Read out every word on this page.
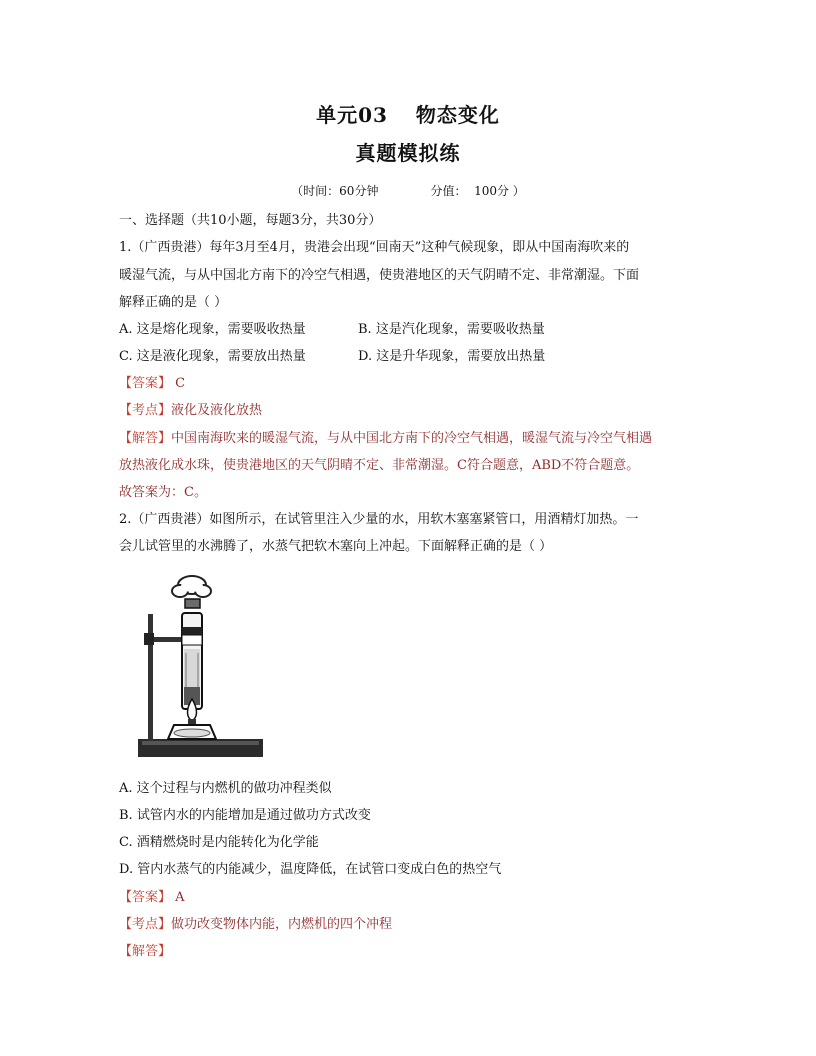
单元03 物态变化
真题模拟练
（时间：60分钟	分值：  100分 ）
一、选择题（共10小题，每题3分，共30分）
1.（广西贵港）每年3月至4月，贵港会出现“回南天”这种气候现象，即从中国南海吹来的
暖湿气流，与从中国北方南下的冷空气相遇，使贵港地区的天气阴晴不定、非常潮湿。下面
解释正确的是（ ）
A. 这是熔化现象，需要吸收热量	B. 这是汽化现象，需要吸收热量
C. 这是液化现象，需要放出热量	D. 这是升华现象，需要放出热量
【答案】 C
【考点】液化及液化放热
【解答】中国南海吹来的暖湿气流，与从中国北方南下的冷空气相遇，暖湿气流与冷空气相遇
放热液化成水珠，使贵港地区的天气阴晴不定、非常潮湿。C符合题意，ABD不符合题意。
故答案为：C。
2.（广西贵港）如图所示，在试管里注入少量的水，用软木塞塞紧管口，用酒精灯加热。一
会儿试管里的水沸腾了，水蒸气把软木塞向上冲起。下面解释正确的是（ ）
A. 这个过程与内燃机的做功冲程类似
B. 试管内水的内能增加是通过做功方式改变
C. 酒精燃烧时是内能转化为化学能
D. 管内水蒸气的内能减少，温度降低，在试管口变成白色的热空气
【答案】 A
【考点】做功改变物体内能，内燃机的四个冲程
【解答】
